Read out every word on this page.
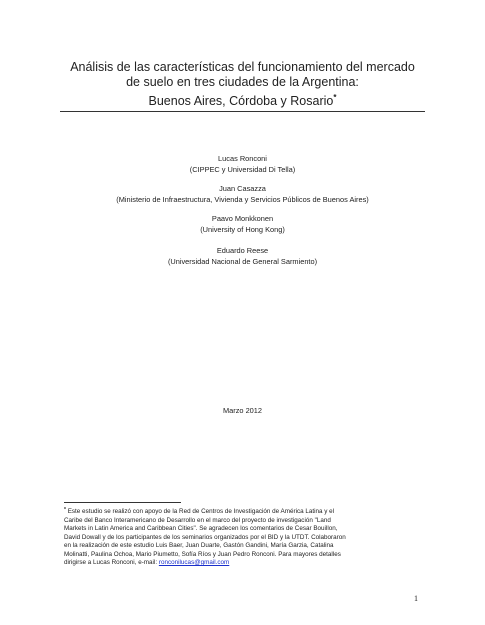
Análisis de las características del funcionamiento del mercado
de suelo en tres ciudades de la Argentina:
Buenos Aires, Córdoba y Rosario*
Lucas Ronconi
(CIPPEC y Universidad Di Tella)
Juan Casazza
(Ministerio de Infraestructura, Vivienda y Servicios Públicos de Buenos Aires)
Paavo Monkkonen
(University of Hong Kong)
Eduardo Reese
(Universidad Nacional de General Sarmiento)
Marzo 2012
* Este estudio se realizó con apoyo de la Red de Centros de Investigación de América Latina y el
Caribe del Banco Interamericano de Desarrollo en el marco del proyecto de investigación "Land
Markets in Latin America and Caribbean Cities". Se agradecen los comentarios de Cesar Bouillon,
David Dowall y de los participantes de los seminarios organizados por el BID y la UTDT. Colaboraron
en la realización de este estudio Luis Baer, Juan Duarte, Gastón Gandini, María Garzia, Catalina
Molinatti, Paulina Ochoa, Mario Piumetto, Sofía Ríos y Juan Pedro Ronconi. Para mayores detalles
dirigirse a Lucas Ronconi, e-mail: ronconilucas@gmail.com
1
